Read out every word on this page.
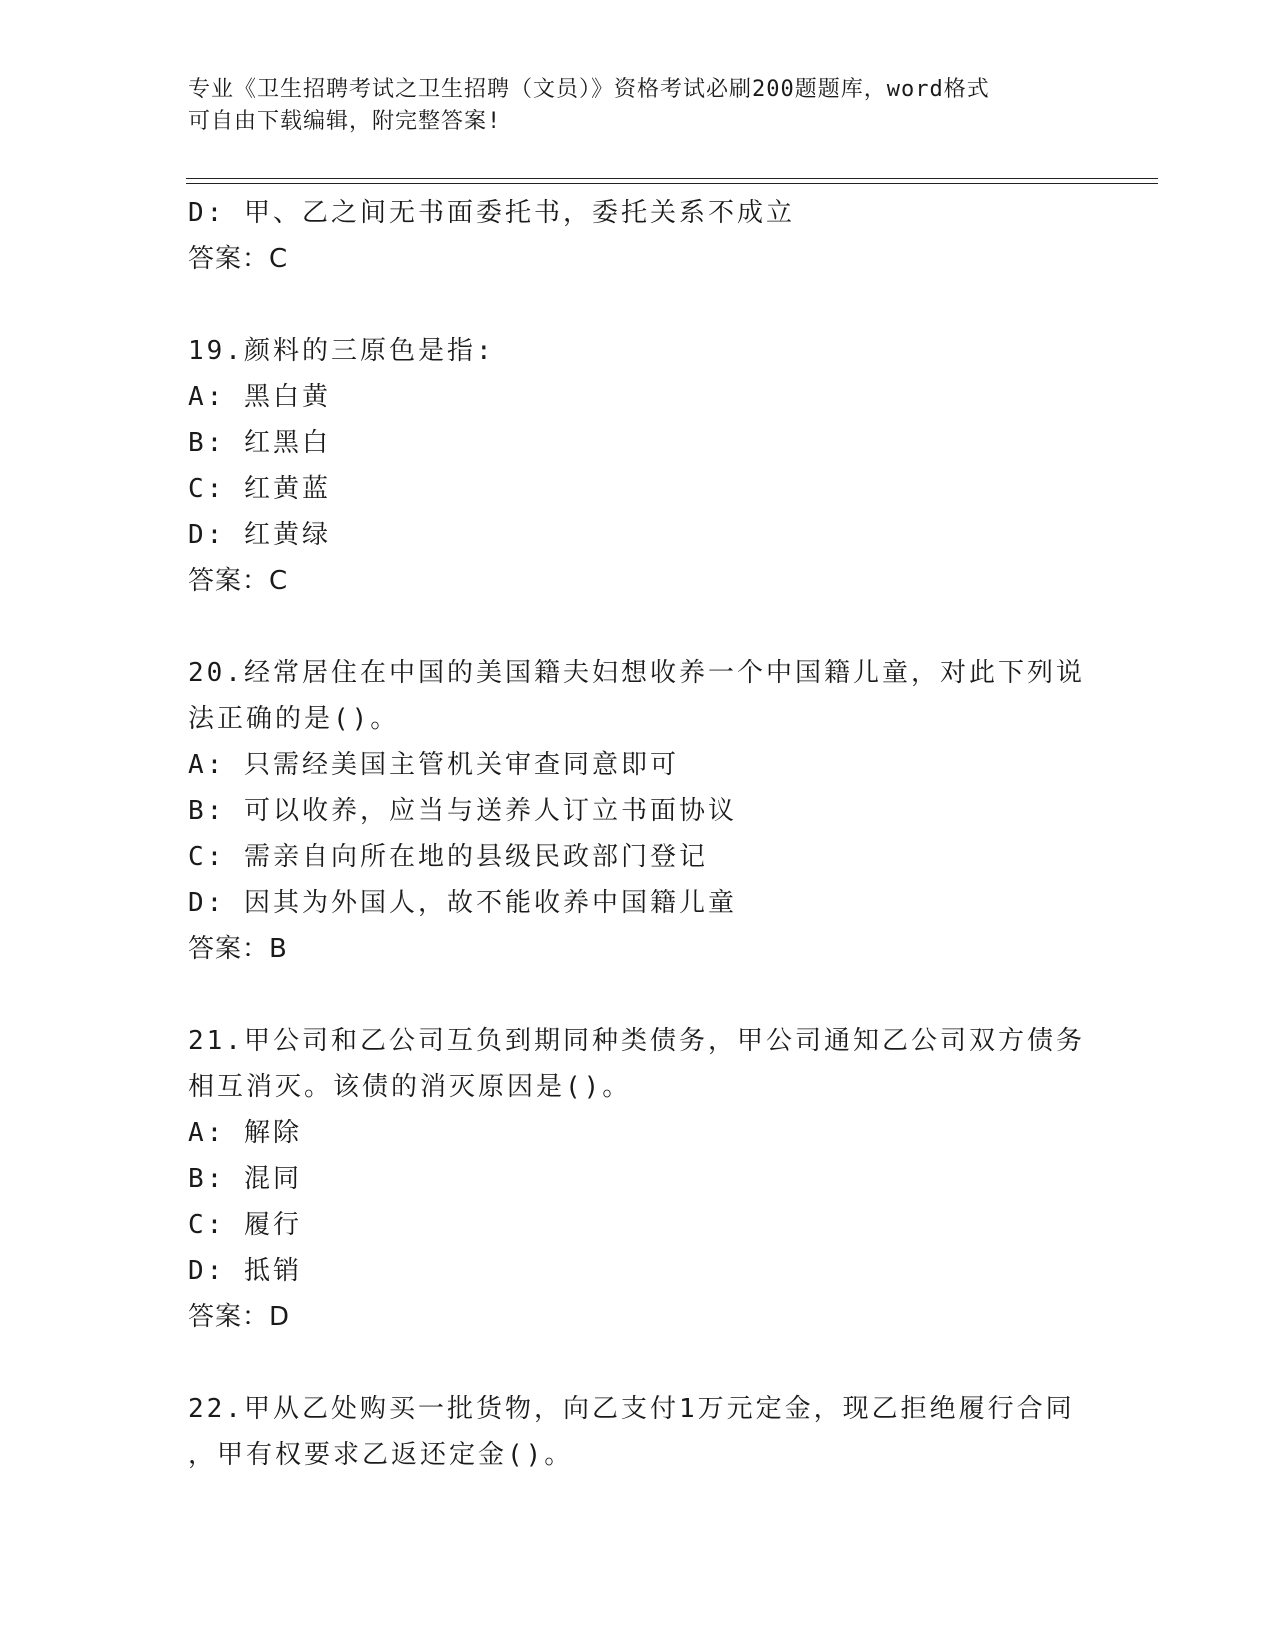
专业《卫生招聘考试之卫生招聘（文员）》资格考试必刷200题题库，word格式
可自由下载编辑，附完整答案!
D: 甲、乙之间无书面委托书，委托关系不成立
答案：C
19.颜料的三原色是指:
A: 黑白黄
B: 红黑白
C: 红黄蓝
D: 红黄绿
答案：C
20.经常居住在中国的美国籍夫妇想收养一个中国籍儿童，对此下列说
法正确的是()。
A: 只需经美国主管机关审查同意即可
B: 可以收养，应当与送养人订立书面协议
C: 需亲自向所在地的县级民政部门登记
D: 因其为外国人，故不能收养中国籍儿童
答案：B
21.甲公司和乙公司互负到期同种类债务，甲公司通知乙公司双方债务
相互消灭。该债的消灭原因是()。
A: 解除
B: 混同
C: 履行
D: 抵销
答案：D
22.甲从乙处购买一批货物，向乙支付1万元定金，现乙拒绝履行合同
，甲有权要求乙返还定金()。
